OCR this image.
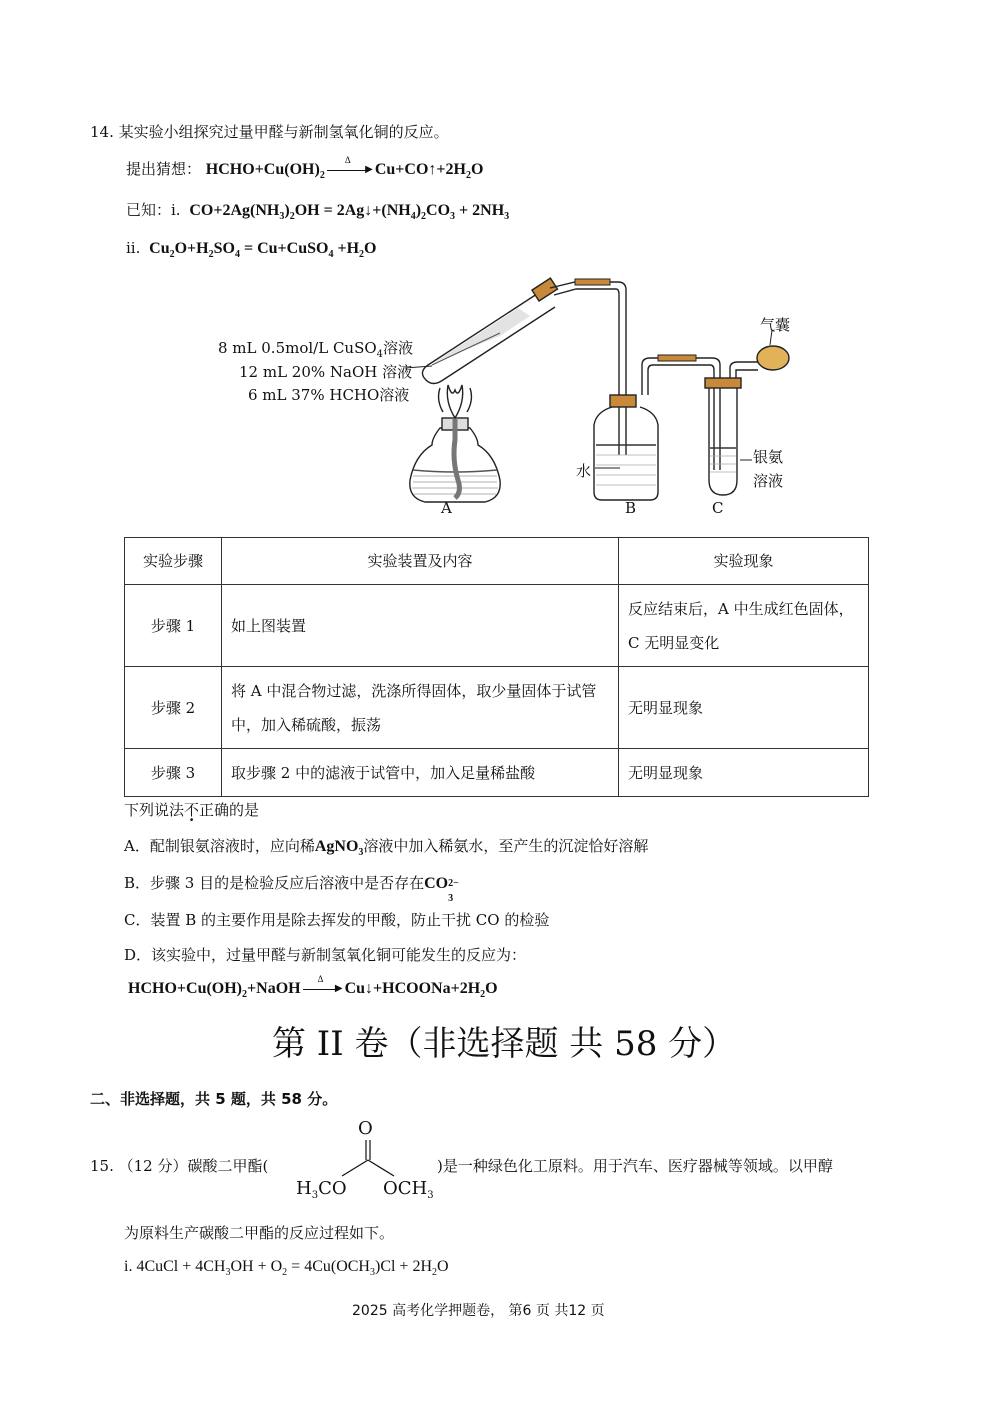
14. 某实验小组探究过量甲醛与新制氢氧化铜的反应。
提出猜想： $HCHO+Cu(OH)_2$
Δ
▶ $Cu+CO↑+2H_2O$
已知：i.  $CO+2Ag(NH_3)_2OH$ = $2Ag↓+(NH_4)_2CO_3 + 2NH_3$
ii.  $Cu_2O+H_2SO_4$ = Cu+CuSO$_4$ $+H_2O$
8 mL 0.5mol/L CuSO$_4$溶液
12 mL 20% NaOH 溶液
6 mL 37% HCHO溶液
A	B	C
水
气囊
银氨
溶液
实验步骤	实验装置及内容	实验现象
步骤 1	如上图装置	反应结束后，A 中生成红色固体，C 无明显变化
步骤 2	将 A 中混合物过滤，洗涤所得固体，取少量固体于试管中，加入稀硫酸，振荡	无明显现象
步骤 3	取步骤 2 中的滤液于试管中，加入足量稀盐酸	无明显现象
下列说法不正确的是
A．配制银氨溶液时，应向稀AgNO$_3$溶液中加入稀氨水，至产生的沉淀恰好溶解
B．步骤 3 目的是检验反应后溶液中是否存在CO 2−
3
C．装置 B 的主要作用是除去挥发的甲酸，防止干扰 CO 的检验
D．该实验中，过量甲醛与新制氢氧化铜可能发生的反应为：
$HCHO+Cu(OH)_2+NaOH$
Δ
▶ $Cu↓+HCOONa+2H_2O$
第 II 卷（非选择题 共 58 分）
二、非选择题，共 5 题，共 58 分。
15. （12 分）碳酸二甲酯(
O
$H_3CO$ $OCH_3$
)是一种绿色化工原料。用于汽车、医疗器械等领域。以甲醇
为原料生产碳酸二甲酯的反应过程如下。
i. 4CuCl + $4CH_3OH + O_2 = 4Cu(OCH_3)Cl + 2H_2O$
2025 高考化学押题卷， 第6 页 共12 页
